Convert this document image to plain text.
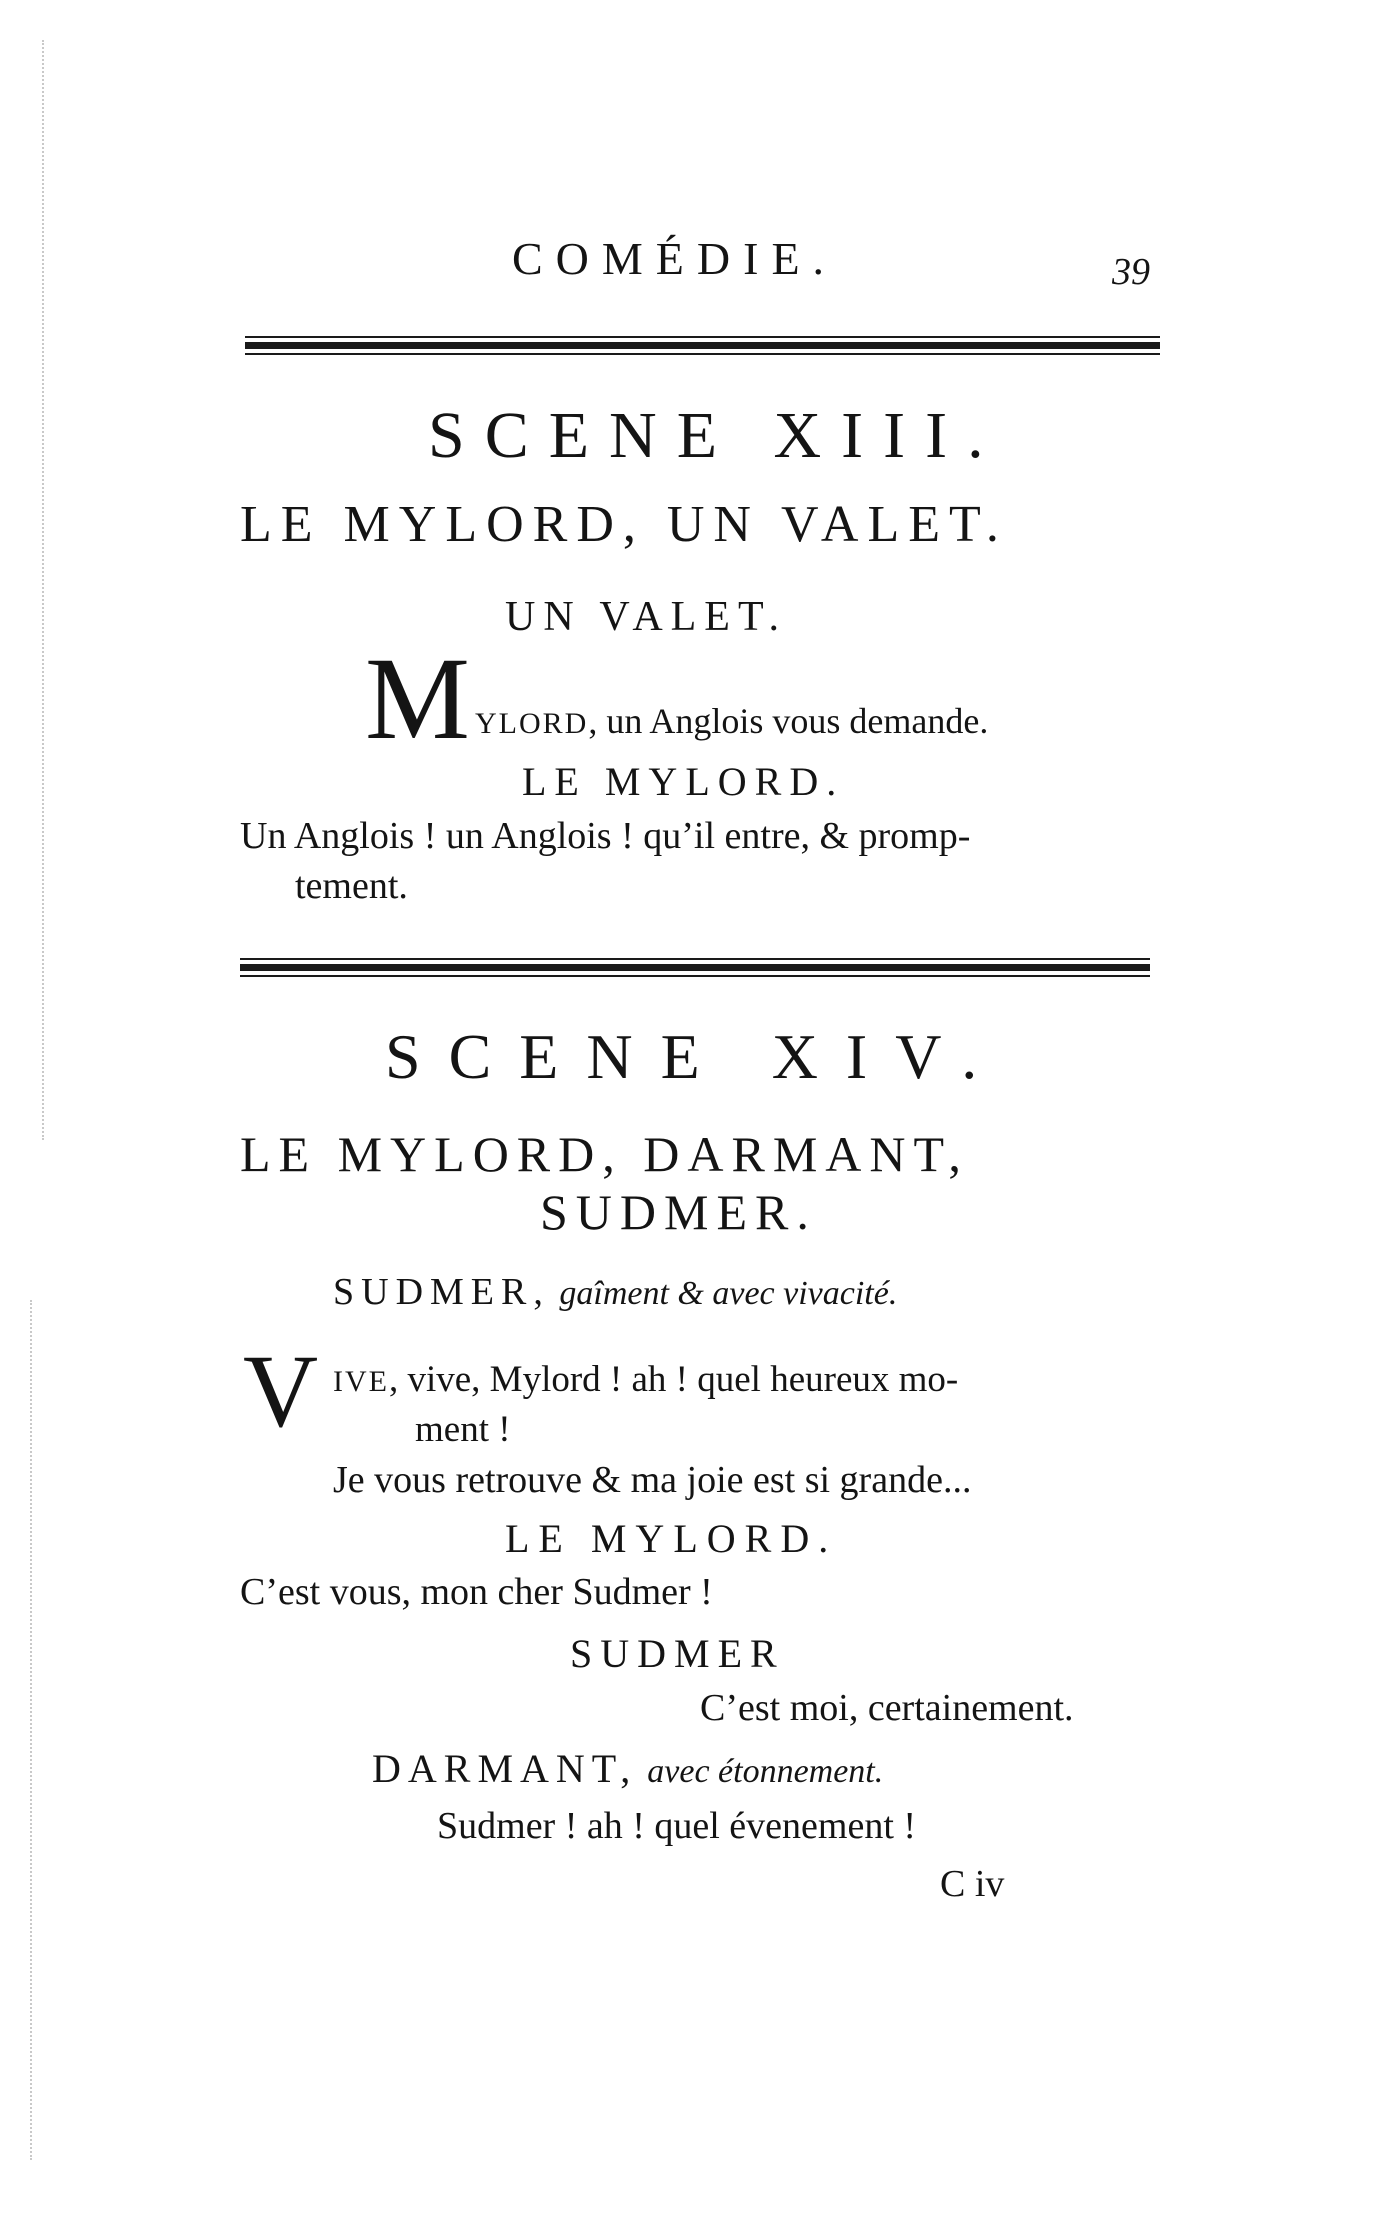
COMÉDIE.	39
SCENE XIII.
LE MYLORD, UN VALET.
UN VALET.
M YLORD, un Anglois vous demande.
LE MYLORD.
Un Anglois ! un Anglois ! qu’il entre, & promp-
tement.
SCENE XIV.
LE MYLORD, DARMANT,
SUDMER.
SUDMER, gaîment & avec vivacité.
V IVE, vive, Mylord ! ah ! quel heureux mo-
ment !
Je vous retrouve & ma joie est si grande...
LE MYLORD.
C’est vous, mon cher Sudmer !
SUDMER
C’est moi, certainement.
DARMANT, avec étonnement.
Sudmer ! ah ! quel évenement !
C iv
